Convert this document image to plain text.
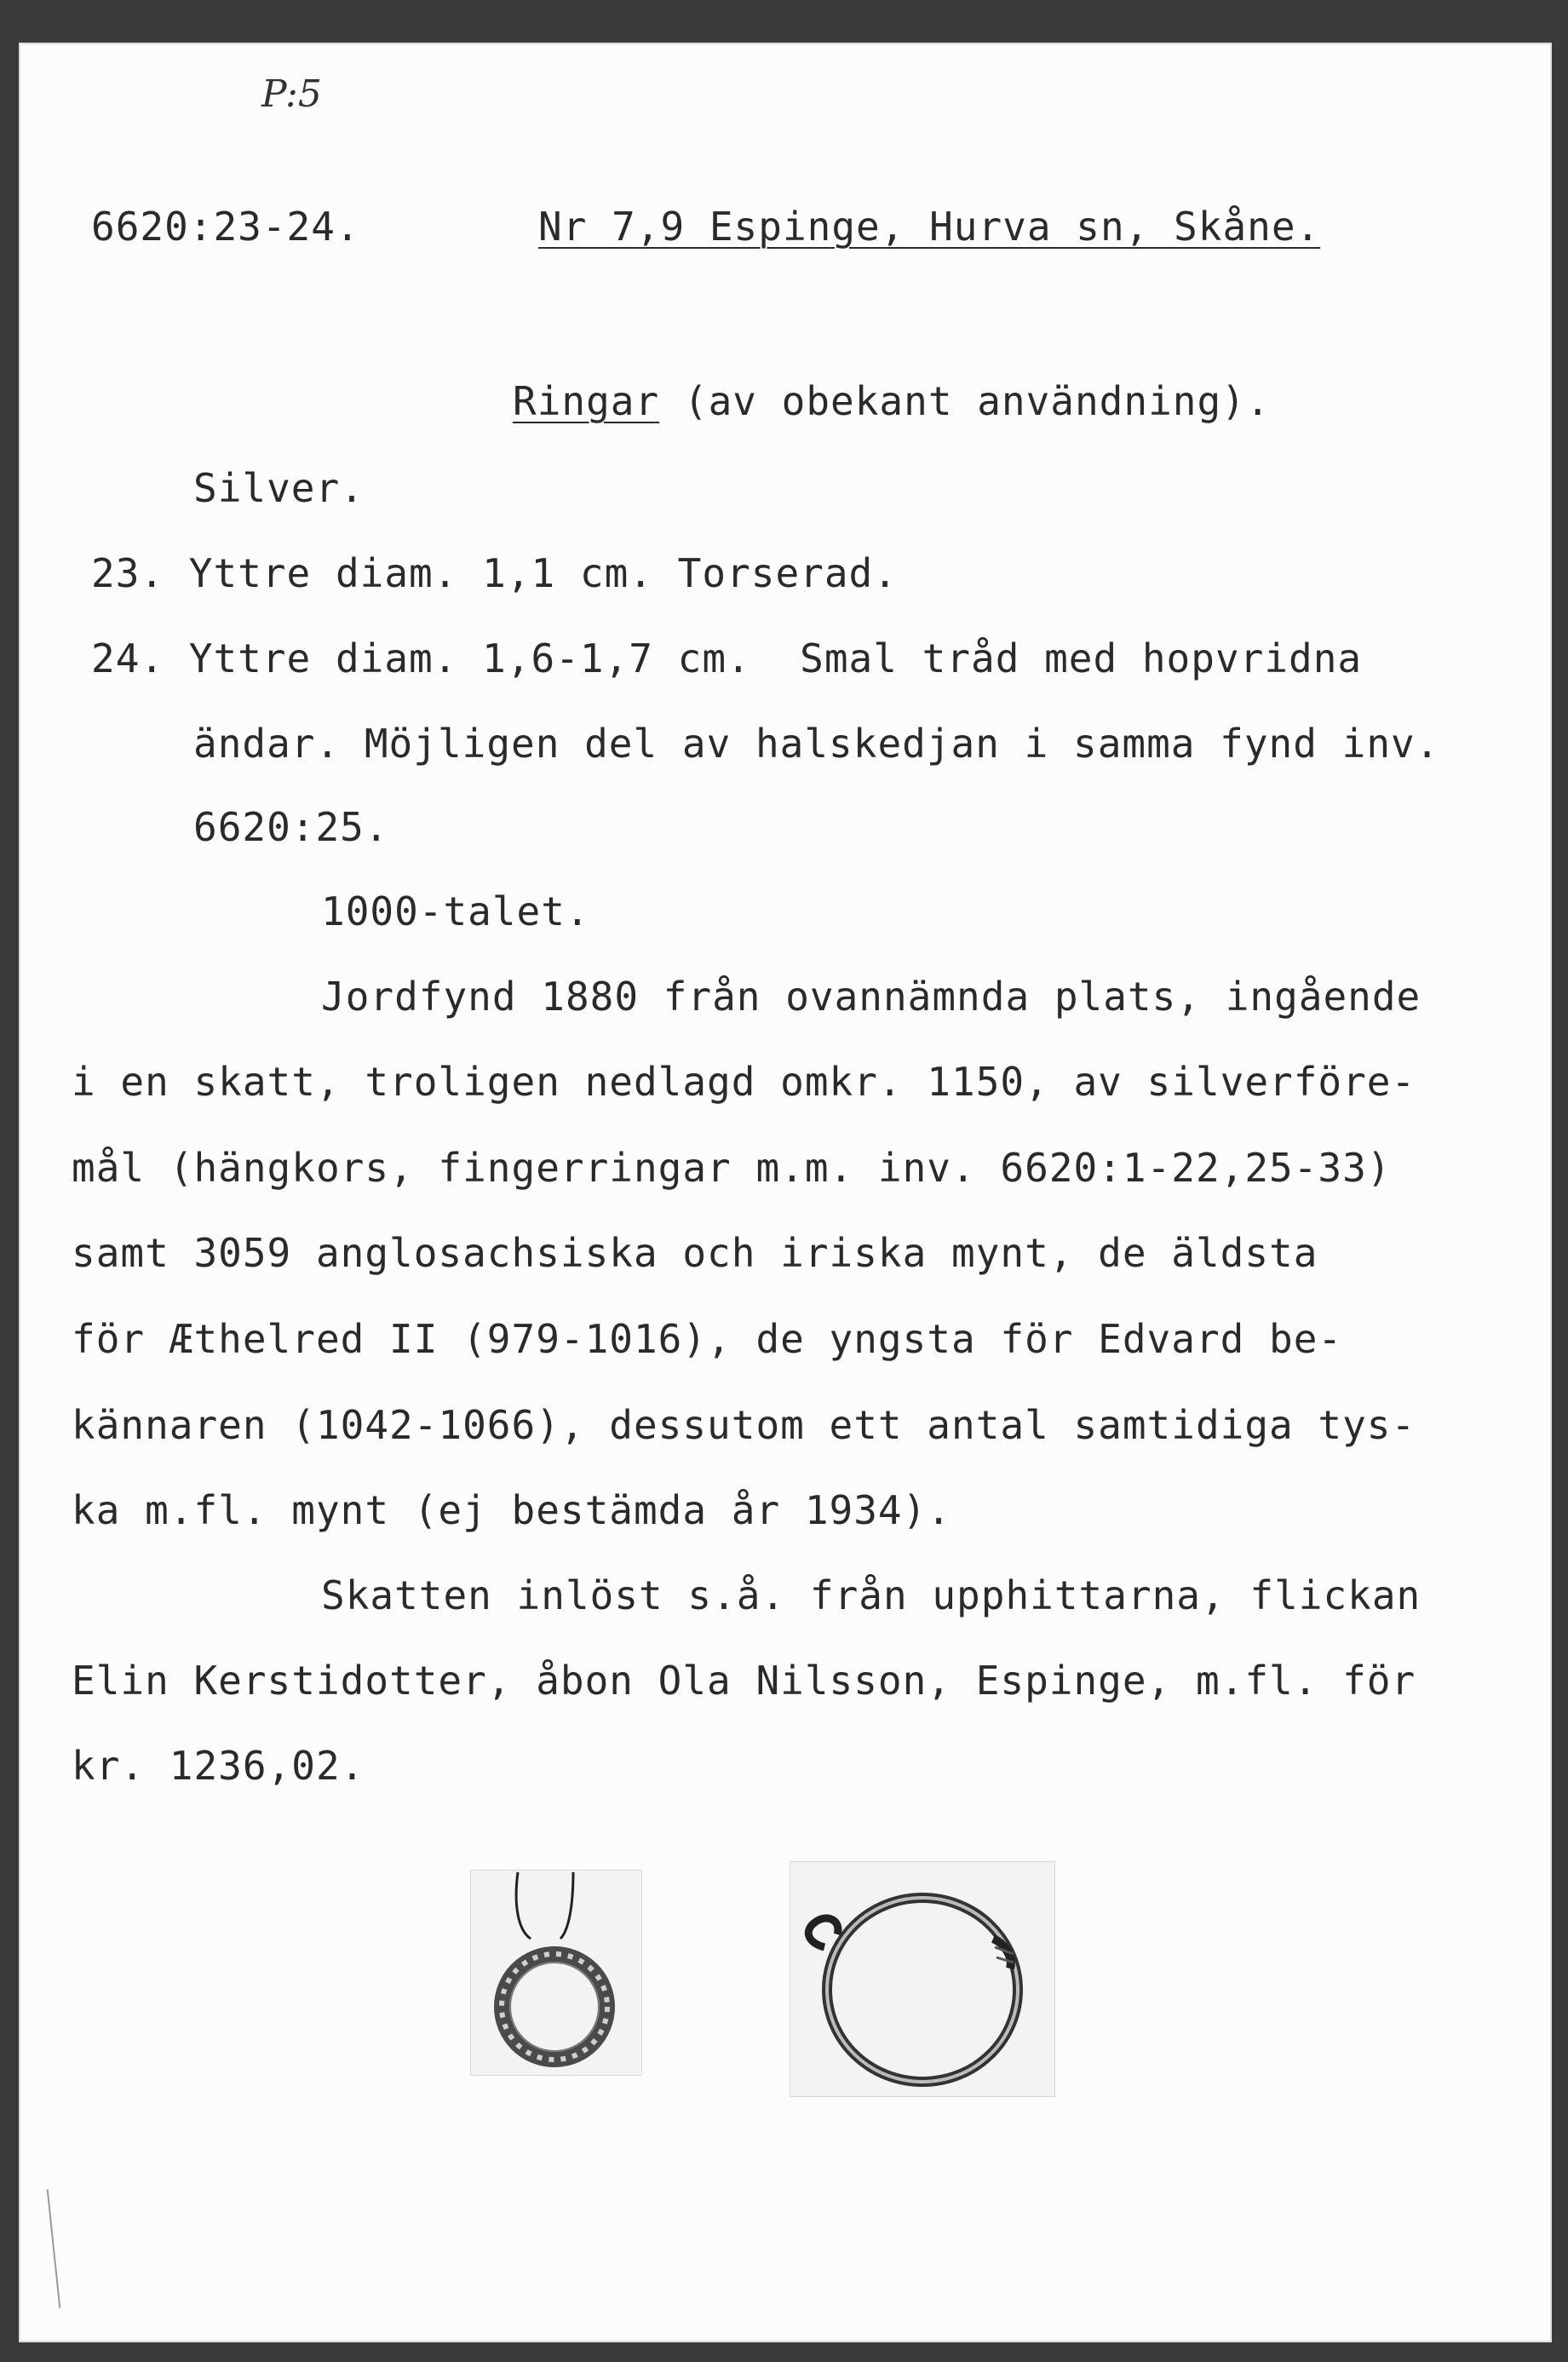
P:5
6620:23-24.	Nr 7,9 Espinge, Hurva sn, Skåne.
Ringar (av obekant användning).
Silver.
23. Yttre diam. 1,1 cm. Torserad.
24. Yttre diam. 1,6-1,7 cm.  Smal tråd med hopvridna
ändar. Möjligen del av halskedjan i samma fynd inv.
6620:25.
1000-talet.
Jordfynd 1880 från ovannämnda plats, ingående
i en skatt, troligen nedlagd omkr. 1150, av silverföre-
mål (hängkors, fingerringar m.m. inv. 6620:1-22,25-33)
samt 3059 anglosachsiska och iriska mynt, de äldsta
för Æthelred II (979-1016), de yngsta för Edvard be-
kännaren (1042-1066), dessutom ett antal samtidiga tys-
ka m.fl. mynt (ej bestämda år 1934).
Skatten inlöst s.å. från upphittarna, flickan
Elin Kerstidotter, åbon Ola Nilsson, Espinge, m.fl. för
kr. 1236,02.
